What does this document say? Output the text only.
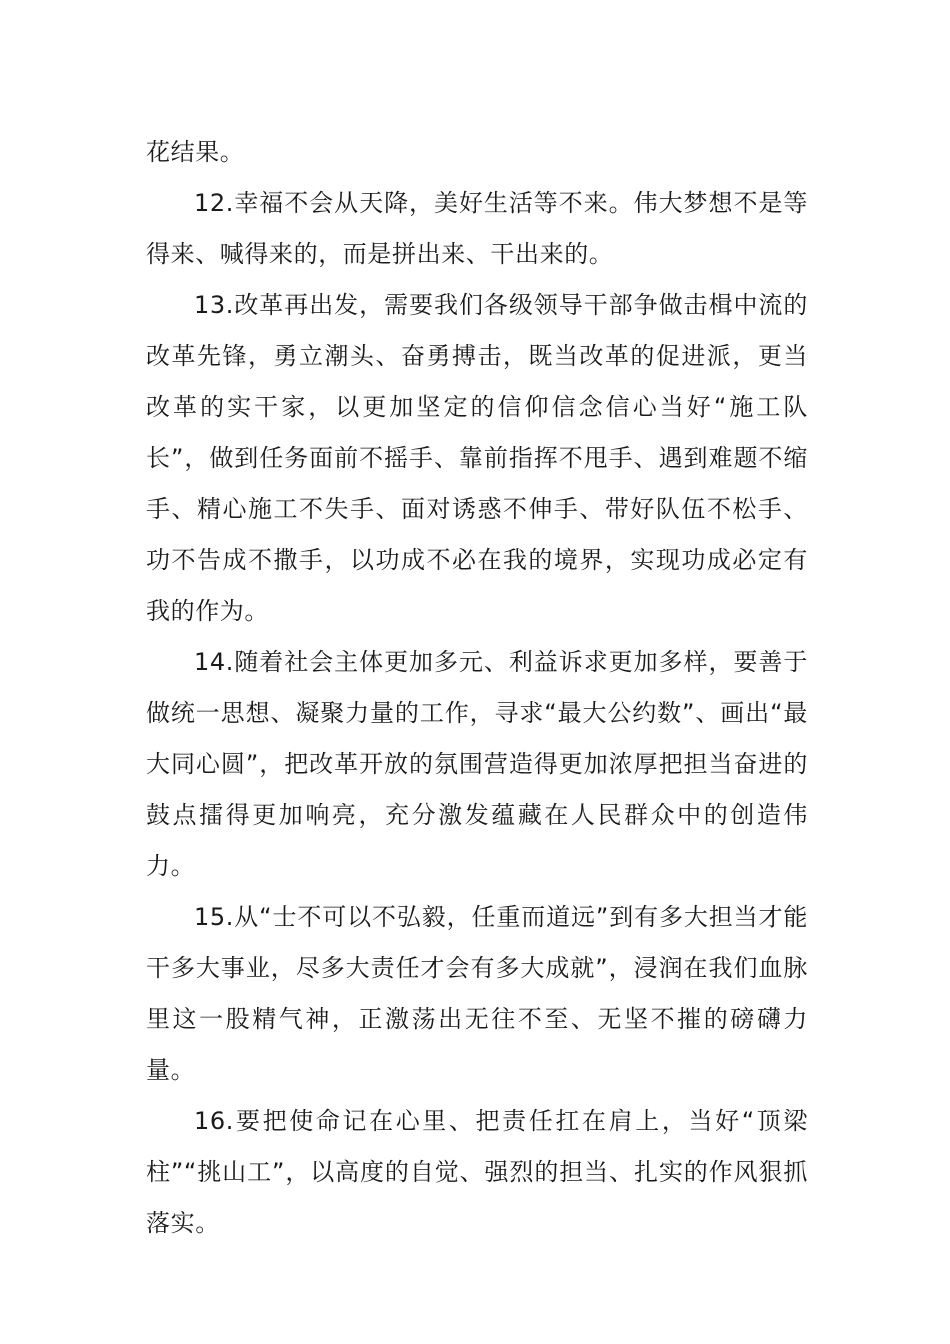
花结果。

12.幸福不会从天降，美好生活等不来。伟大梦想不是等得来、喊得来的，而是拼出来、干出来的。

13.改革再出发，需要我们各级领导干部争做击楫中流的改革先锋，勇立潮头、奋勇搏击，既当改革的促进派，更当改革的实干家，以更加坚定的信仰信念信心当好“施工队长”，做到任务面前不摇手、靠前指挥不甩手、遇到难题不缩手、精心施工不失手、面对诱惑不伸手、带好队伍不松手、功不告成不撒手，以功成不必在我的境界，实现功成必定有我的作为。

14.随着社会主体更加多元、利益诉求更加多样，要善于做统一思想、凝聚力量的工作，寻求“最大公约数”、画出“最大同心圆”，把改革开放的氛围营造得更加浓厚把担当奋进的鼓点擂得更加响亮，充分激发蕴藏在人民群众中的创造伟力。

15.从“士不可以不弘毅，任重而道远”到有多大担当才能干多大事业，尽多大责任才会有多大成就”，浸润在我们血脉里这一股精气神，正激荡出无往不至、无坚不摧的磅礴力量。

16.要把使命记在心里、把责任扛在肩上，当好“顶梁柱”“挑山工”，以高度的自觉、强烈的担当、扎实的作风狠抓落实。
